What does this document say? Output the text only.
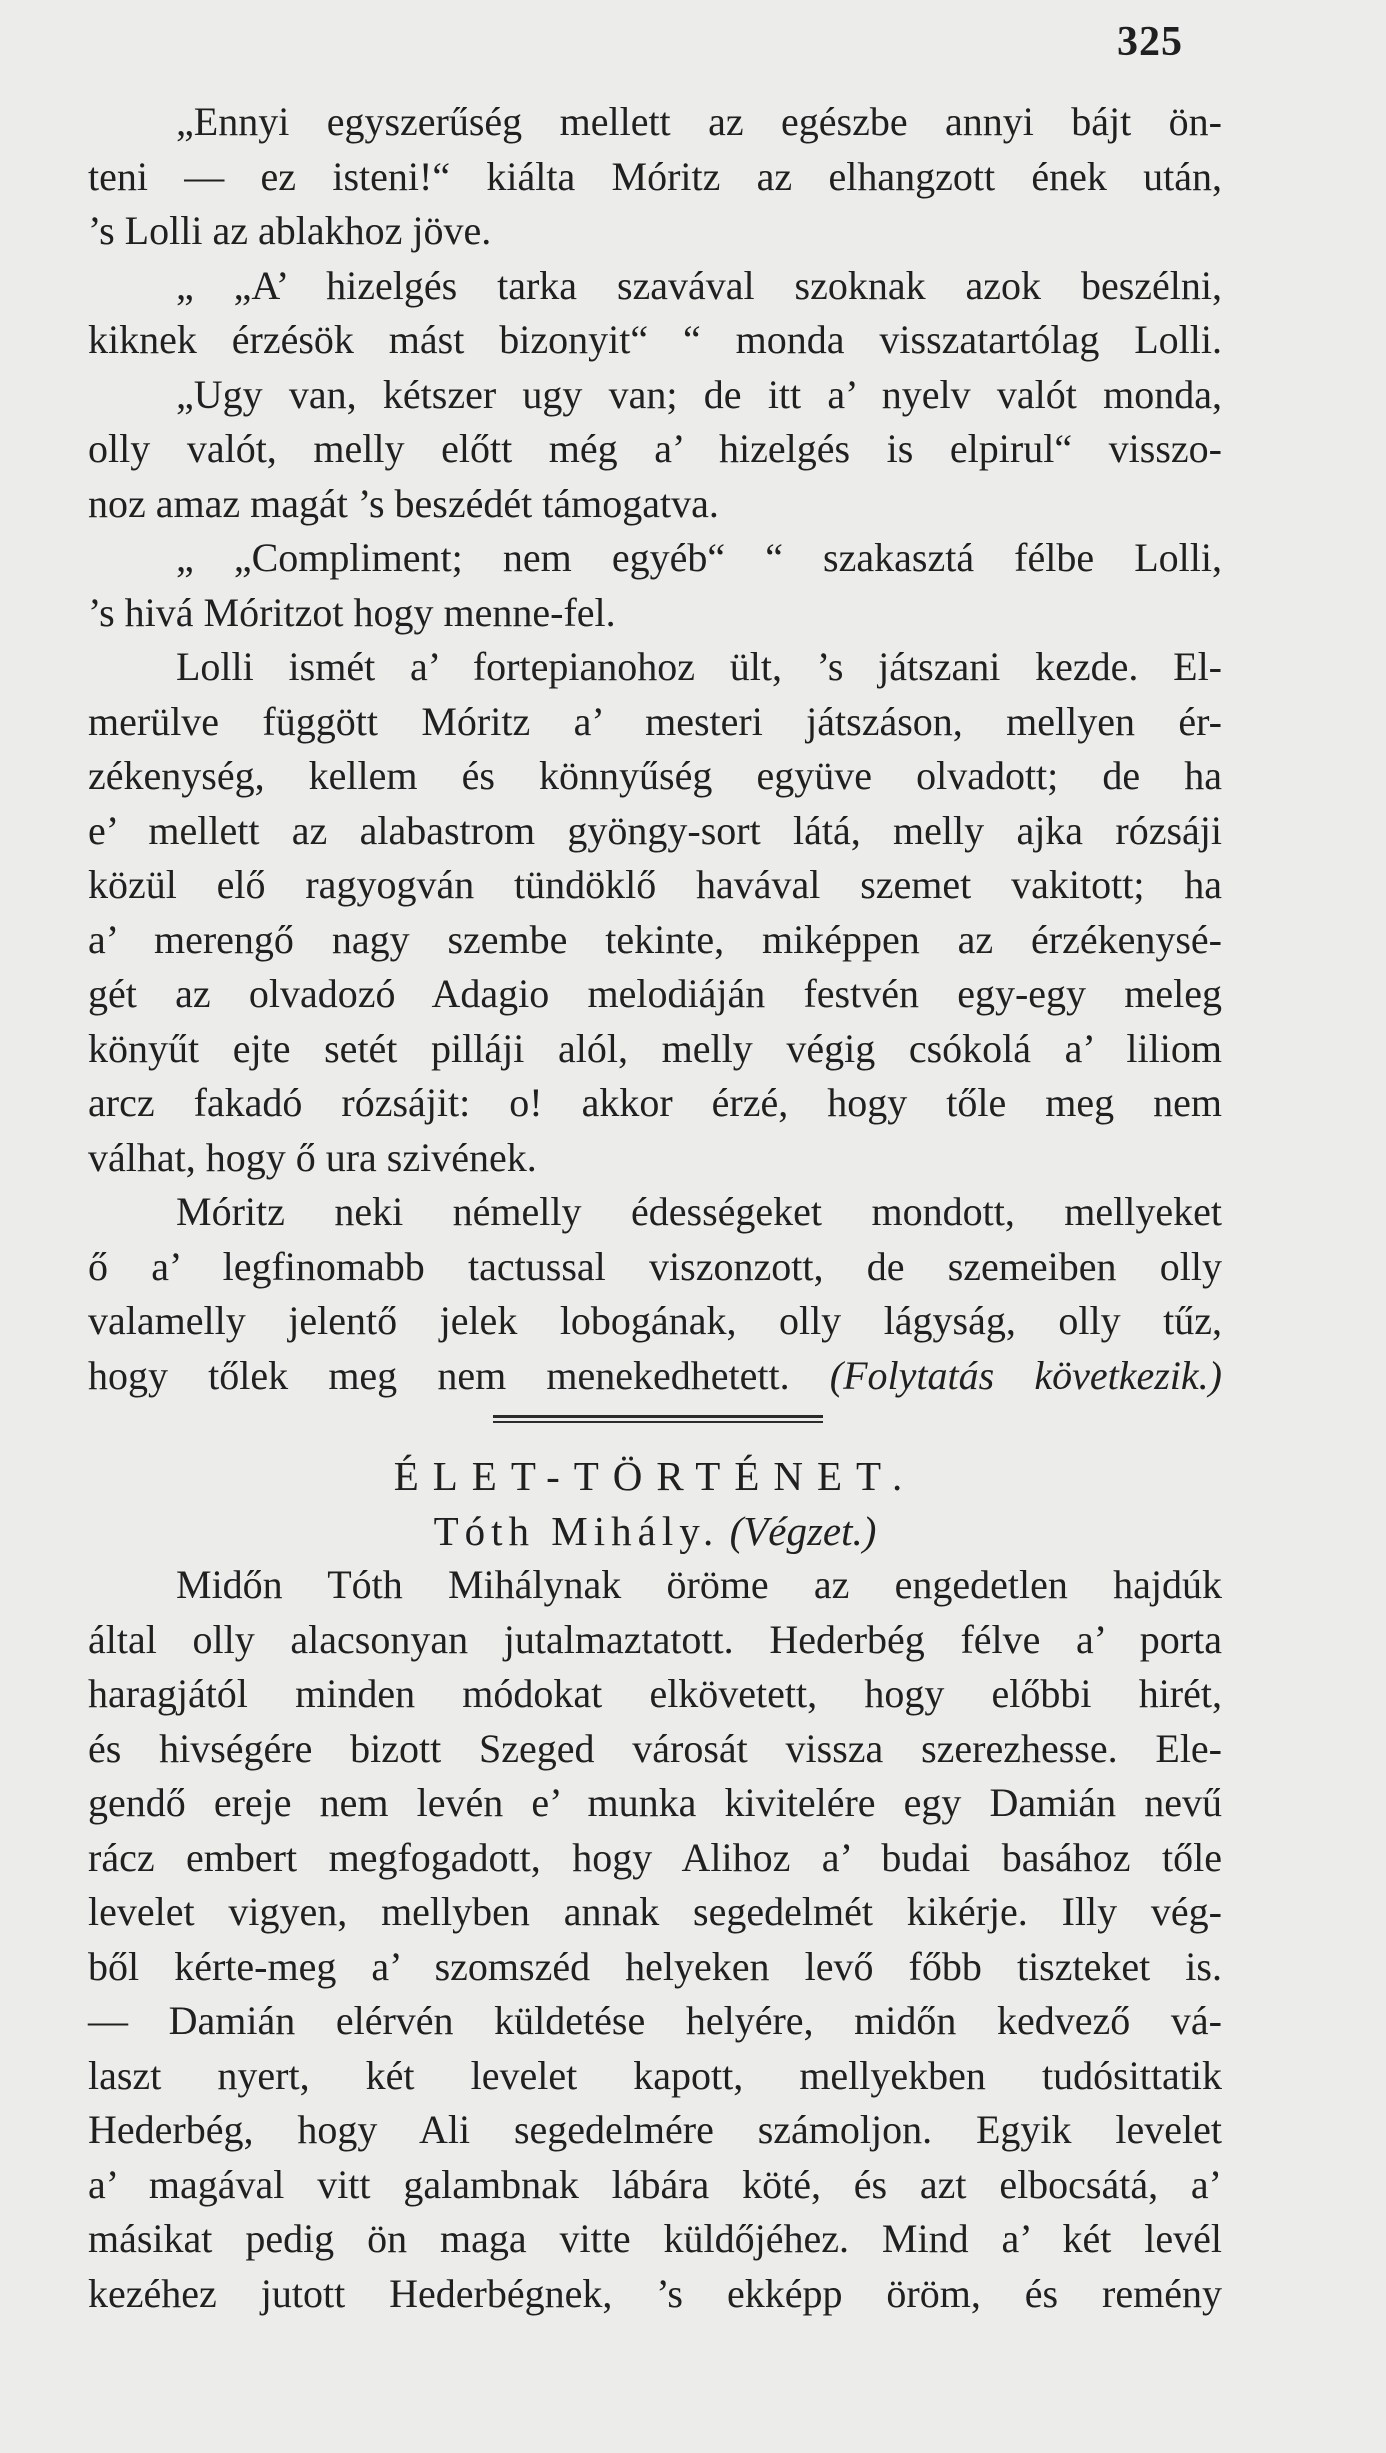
325
„Ennyi egyszerűség mellett az egészbe annyi bájt ön-
teni — ez isteni!“ kiálta Móritz az elhangzott ének után,
’s Lolli az ablakhoz jöve.
„ „A’ hizelgés tarka szavával szoknak azok beszélni,
kiknek érzésök mást bizonyit“ “ monda visszatartólag Lolli.
„Ugy van, kétszer ugy van; de itt a’ nyelv valót monda,
olly valót, melly előtt még a’ hizelgés is elpirul“ visszo-
noz amaz magát ’s beszédét támogatva.
„ „Compliment; nem egyéb“ “ szakasztá félbe Lolli,
’s hivá Móritzot hogy menne-fel.
Lolli ismét a’ fortepianohoz ült, ’s játszani kezde. El-
merülve függött Móritz a’ mesteri játszáson, mellyen ér-
zékenység, kellem és könnyűség együve olvadott; de ha
e’ mellett az alabastrom gyöngy-sort látá, melly ajka rózsáji
közül elő ragyogván tündöklő havával szemet vakitott; ha
a’ merengő nagy szembe tekinte, miképpen az érzékenysé-
gét az olvadozó Adagio melodiáján festvén egy-egy meleg
könyűt ejte setét pilláji alól, melly végig csókolá a’ liliom
arcz fakadó rózsájit: o! akkor érzé, hogy tőle meg nem
válhat, hogy ő ura szivének.
Móritz neki némelly édességeket mondott, mellyeket
ő a’ legfinomabb tactussal viszonzott, de szemeiben olly
valamelly jelentő jelek lobogának, olly lágyság, olly tűz,
hogy tőlek meg nem menekedhetett. (Folytatás következik.)
ÉLET-TÖRTÉNET.
Tóth Mihály. (Végzet.)
Midőn Tóth Mihálynak öröme az engedetlen hajdúk
által olly alacsonyan jutalmaztatott. Hederbég félve a’ porta
haragjától minden módokat elkövetett, hogy előbbi hirét,
és hivségére bizott Szeged városát vissza szerezhesse. Ele-
gendő ereje nem levén e’ munka kivitelére egy Damián nevű
rácz embert megfogadott, hogy Alihoz a’ budai basához tőle
levelet vigyen, mellyben annak segedelmét kikérje. Illy vég-
ből kérte-meg a’ szomszéd helyeken levő főbb tiszteket is.
— Damián elérvén küldetése helyére, midőn kedvező vá-
laszt nyert, két levelet kapott, mellyekben tudósittatik
Hederbég, hogy Ali segedelmére számoljon. Egyik levelet
a’ magával vitt galambnak lábára köté, és azt elbocsátá, a’
másikat pedig ön maga vitte küldőjéhez. Mind a’ két levél
kezéhez jutott Hederbégnek, ’s ekképp öröm, és remény
